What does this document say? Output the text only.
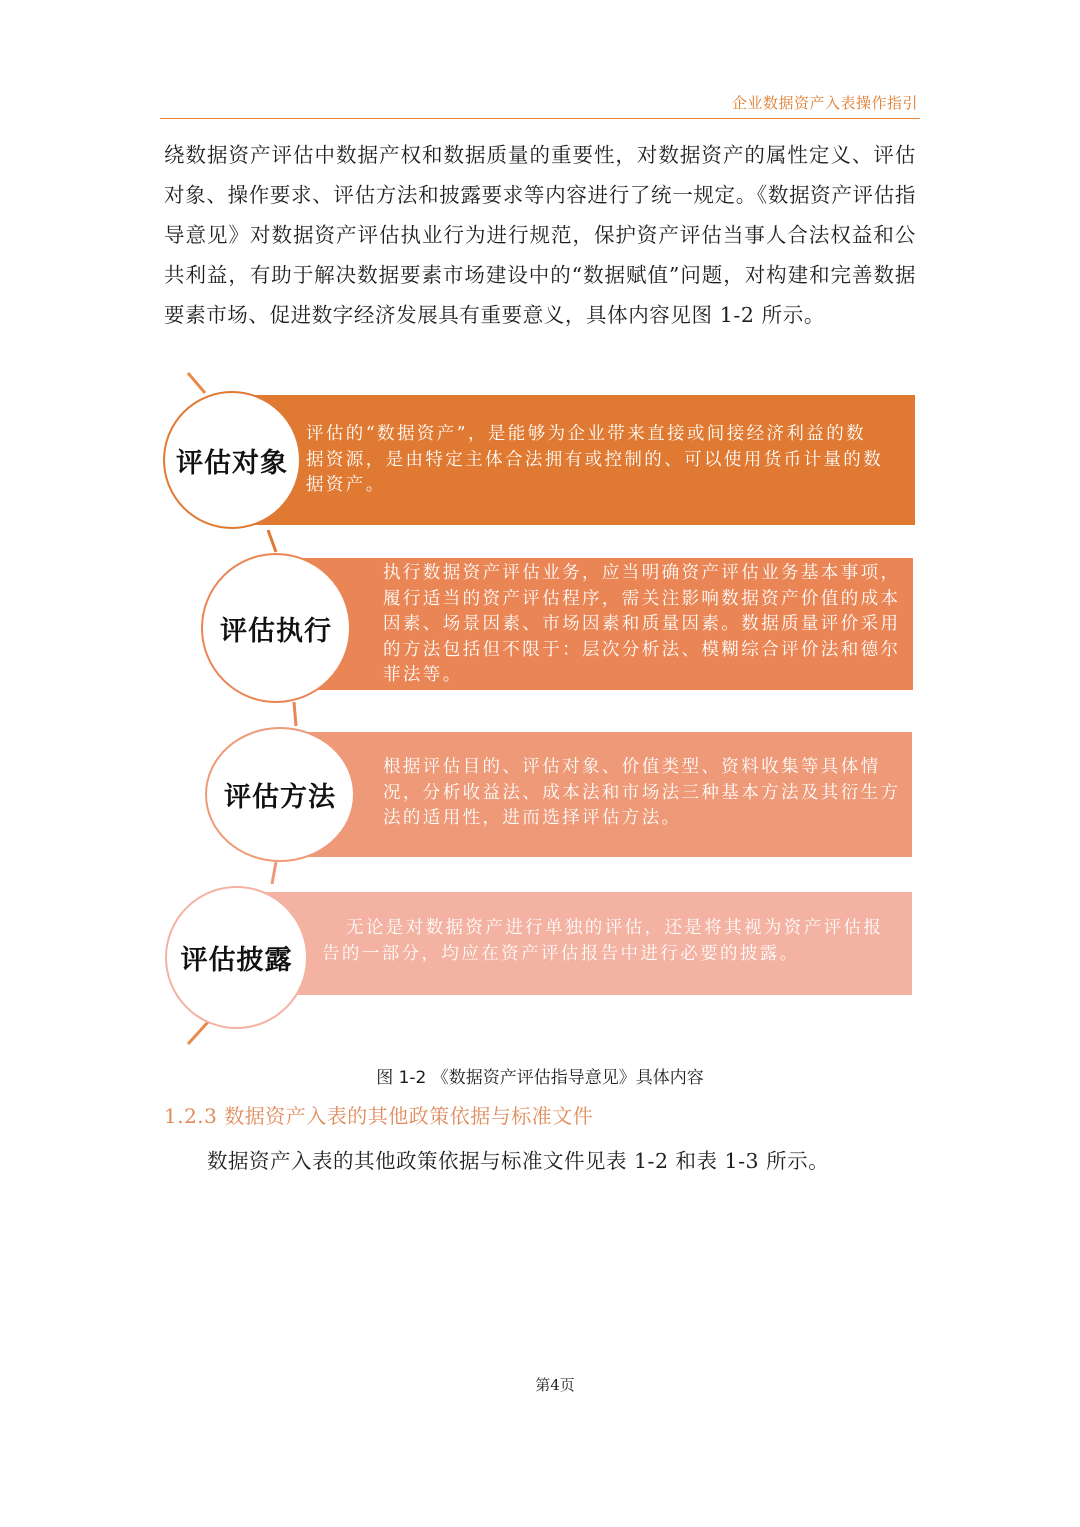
企业数据资产入表操作指引
绕数据资产评估中数据产权和数据质量的重要性，对数据资产的属性定义、评估对象、操作要求、评估方法和披露要求等内容进行了统一规定。《数据资产评估指导意见》对数据资产评估执业行为进行规范，保护资产评估当事人合法权益和公共利益，有助于解决数据要素市场建设中的“数据赋值”问题，对构建和完善数据要素市场、促进数字经济发展具有重要意义，具体内容见图 1-2 所示。
评估的“数据资产”，是能够为企业带来直接或间接经济利益的数　据资源，是由特定主体合法拥有或控制的、可以使用货币计量的数据资产。
评估对象
执行数据资产评估业务，应当明确资产评估业务基本事项，履行适当的资产评估程序，需关注影响数据资产价值的成本因素、场景因素、市场因素和质量因素。数据质量评价采用的方法包括但不限于：层次分析法、模糊综合评价法和德尔菲法等。
评估执行
根据评估目的、评估对象、价值类型、资料收集等具体情况，分析收益法、成本法和市场法三种基本方法及其衍生方法的适用性，进而选择评估方法。
评估方法
无论是对数据资产进行单独的评估，还是将其视为资产评估报告的一部分，均应在资产评估报告中进行必要的披露。
评估披露
图 1-2 《数据资产评估指导意见》具体内容
1.2.3 数据资产入表的其他政策依据与标准文件
数据资产入表的其他政策依据与标准文件见表 1-2 和表 1-3 所示。
第4页
